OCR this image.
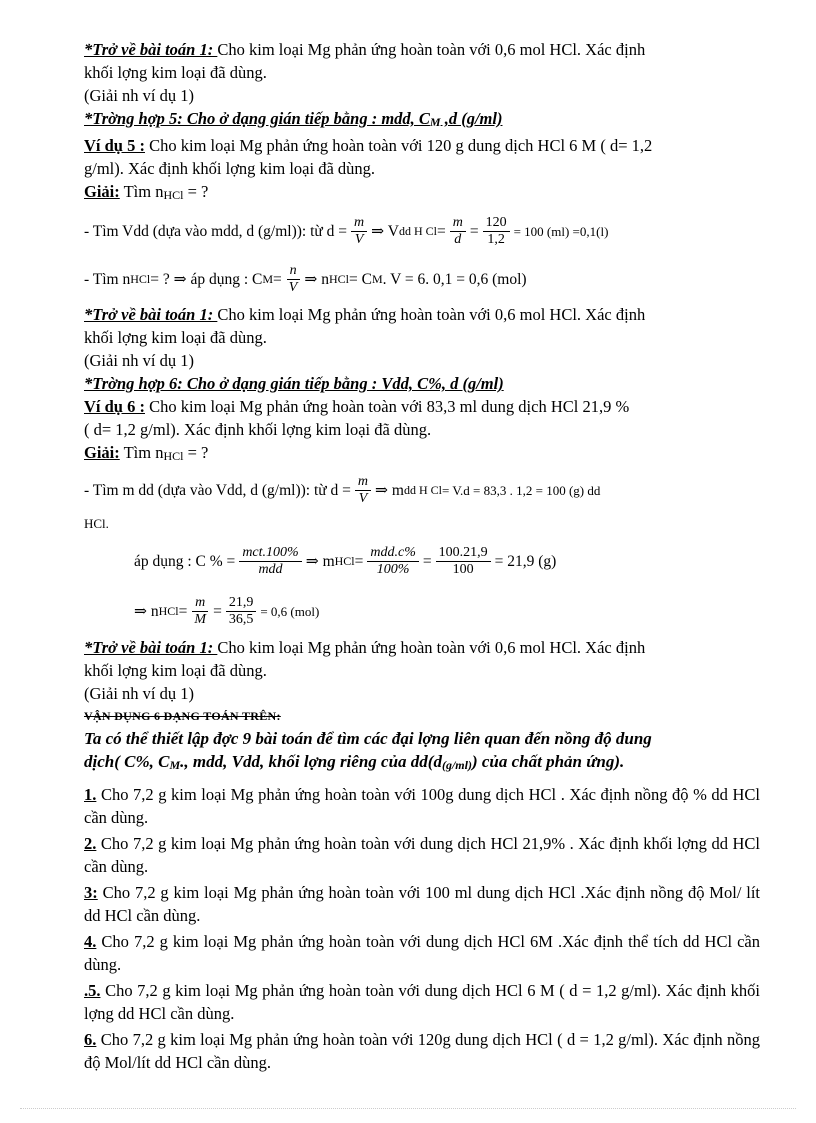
*Trở về bài toán 1: Cho kim loại Mg phản ứng hoàn toàn với 0,6 mol HCl. Xác định

khối lợng kim loại đã dùng.

(Giải nh ví dụ 1)

*Trờng hợp 5: Cho ở dạng gián tiếp bằng : mdd, CM ,d (g/ml)

Ví dụ 5 : Cho kim loại Mg phản ứng hoàn toàn với 120 g dung dịch HCl 6 M ( d= 1,2

g/ml). Xác định khối lợng kim loại đã dùng.

Giải: Tìm nHCl = ?

- Tìm Vdd (dựa vào mdd, d (g/ml)): từ $d = \frac{m}{V}$ ⇒ V dd H $Cl = \frac{m}{d} = \frac{120}{1,2} = 100$ (ml) =0,1(l)
- Tìm n HCl = ? ⇒ áp dụng : C $M = \frac{n}{V}$ ⇒ n HCl = C M . V = 6. 0,1 = 0,6 (mol)

*Trở về bài toán 1: Cho kim loại Mg phản ứng hoàn toàn với 0,6 mol HCl. Xác định

khối lợng kim loại đã dùng.

(Giải nh ví dụ 1)

*Trờng hợp 6: Cho ở dạng gián tiếp bằng : Vdd, C%, d (g/ml)

Ví dụ 6 : Cho kim loại Mg phản ứng hoàn toàn với 83,3 ml dung dịch HCl 21,9 %

( d= 1,2 g/ml). Xác định khối lợng kim loại đã dùng.

Giải: Tìm nHCl = ?

- Tìm m dd (dựa vào Vdd, d (g/ml)): từ $d = \frac{m}{V}$ ⇒ m dd H Cl = V.d = 83,3 . 1,2 = 100 (g) dd

HCl.

áp dụng : C % = $\frac{\text{mct.100\%}}{\text{mdd}}$ ⇒ m HCl = $\frac{\text{mdd.c\%}}{100\%} = \frac{100.21,9}{100} = 21,9$ (g)
⇒ n HCl = $\frac{m}{M} = \frac{21,9}{36,5} = 0,6$ (mol)

*Trở về bài toán 1: Cho kim loại Mg phản ứng hoàn toàn với 0,6 mol HCl. Xác định

khối lợng kim loại đã dùng.

(Giải nh ví dụ 1)

VẬN DỤNG 6 DẠNG TOÁN TRÊN:

Ta có thể thiết lập đợc 9 bài toán để tìm các đại lợng liên quan đến nồng độ dung

dịch( C%, CM., mdd, Vdd, khối lợng riêng của dd(d(g/ml)) của chất phản ứng).

1. Cho 7,2 g kim loại Mg phản ứng hoàn toàn với 100g dung dịch HCl . Xác định nồng độ % dd HCl cần dùng.

2. Cho 7,2 g kim loại Mg phản ứng hoàn toàn với dung dịch HCl 21,9% . Xác định khối lợng dd HCl cần dùng.

3: Cho 7,2 g kim loại Mg phản ứng hoàn toàn với 100 ml dung dịch HCl .Xác định nồng độ Mol/ lít dd HCl cần dùng.

4. Cho 7,2 g kim loại Mg phản ứng hoàn toàn với dung dịch HCl 6M .Xác định thể tích dd HCl cần dùng.

.5. Cho 7,2 g kim loại Mg phản ứng hoàn toàn với dung dịch HCl 6 M ( d = 1,2 g/ml). Xác định khối lợng dd HCl cần dùng.

6. Cho 7,2 g kim loại Mg phản ứng hoàn toàn với 120g dung dịch HCl ( d = 1,2 g/ml). Xác định nồng độ Mol/lít dd HCl cần dùng.
